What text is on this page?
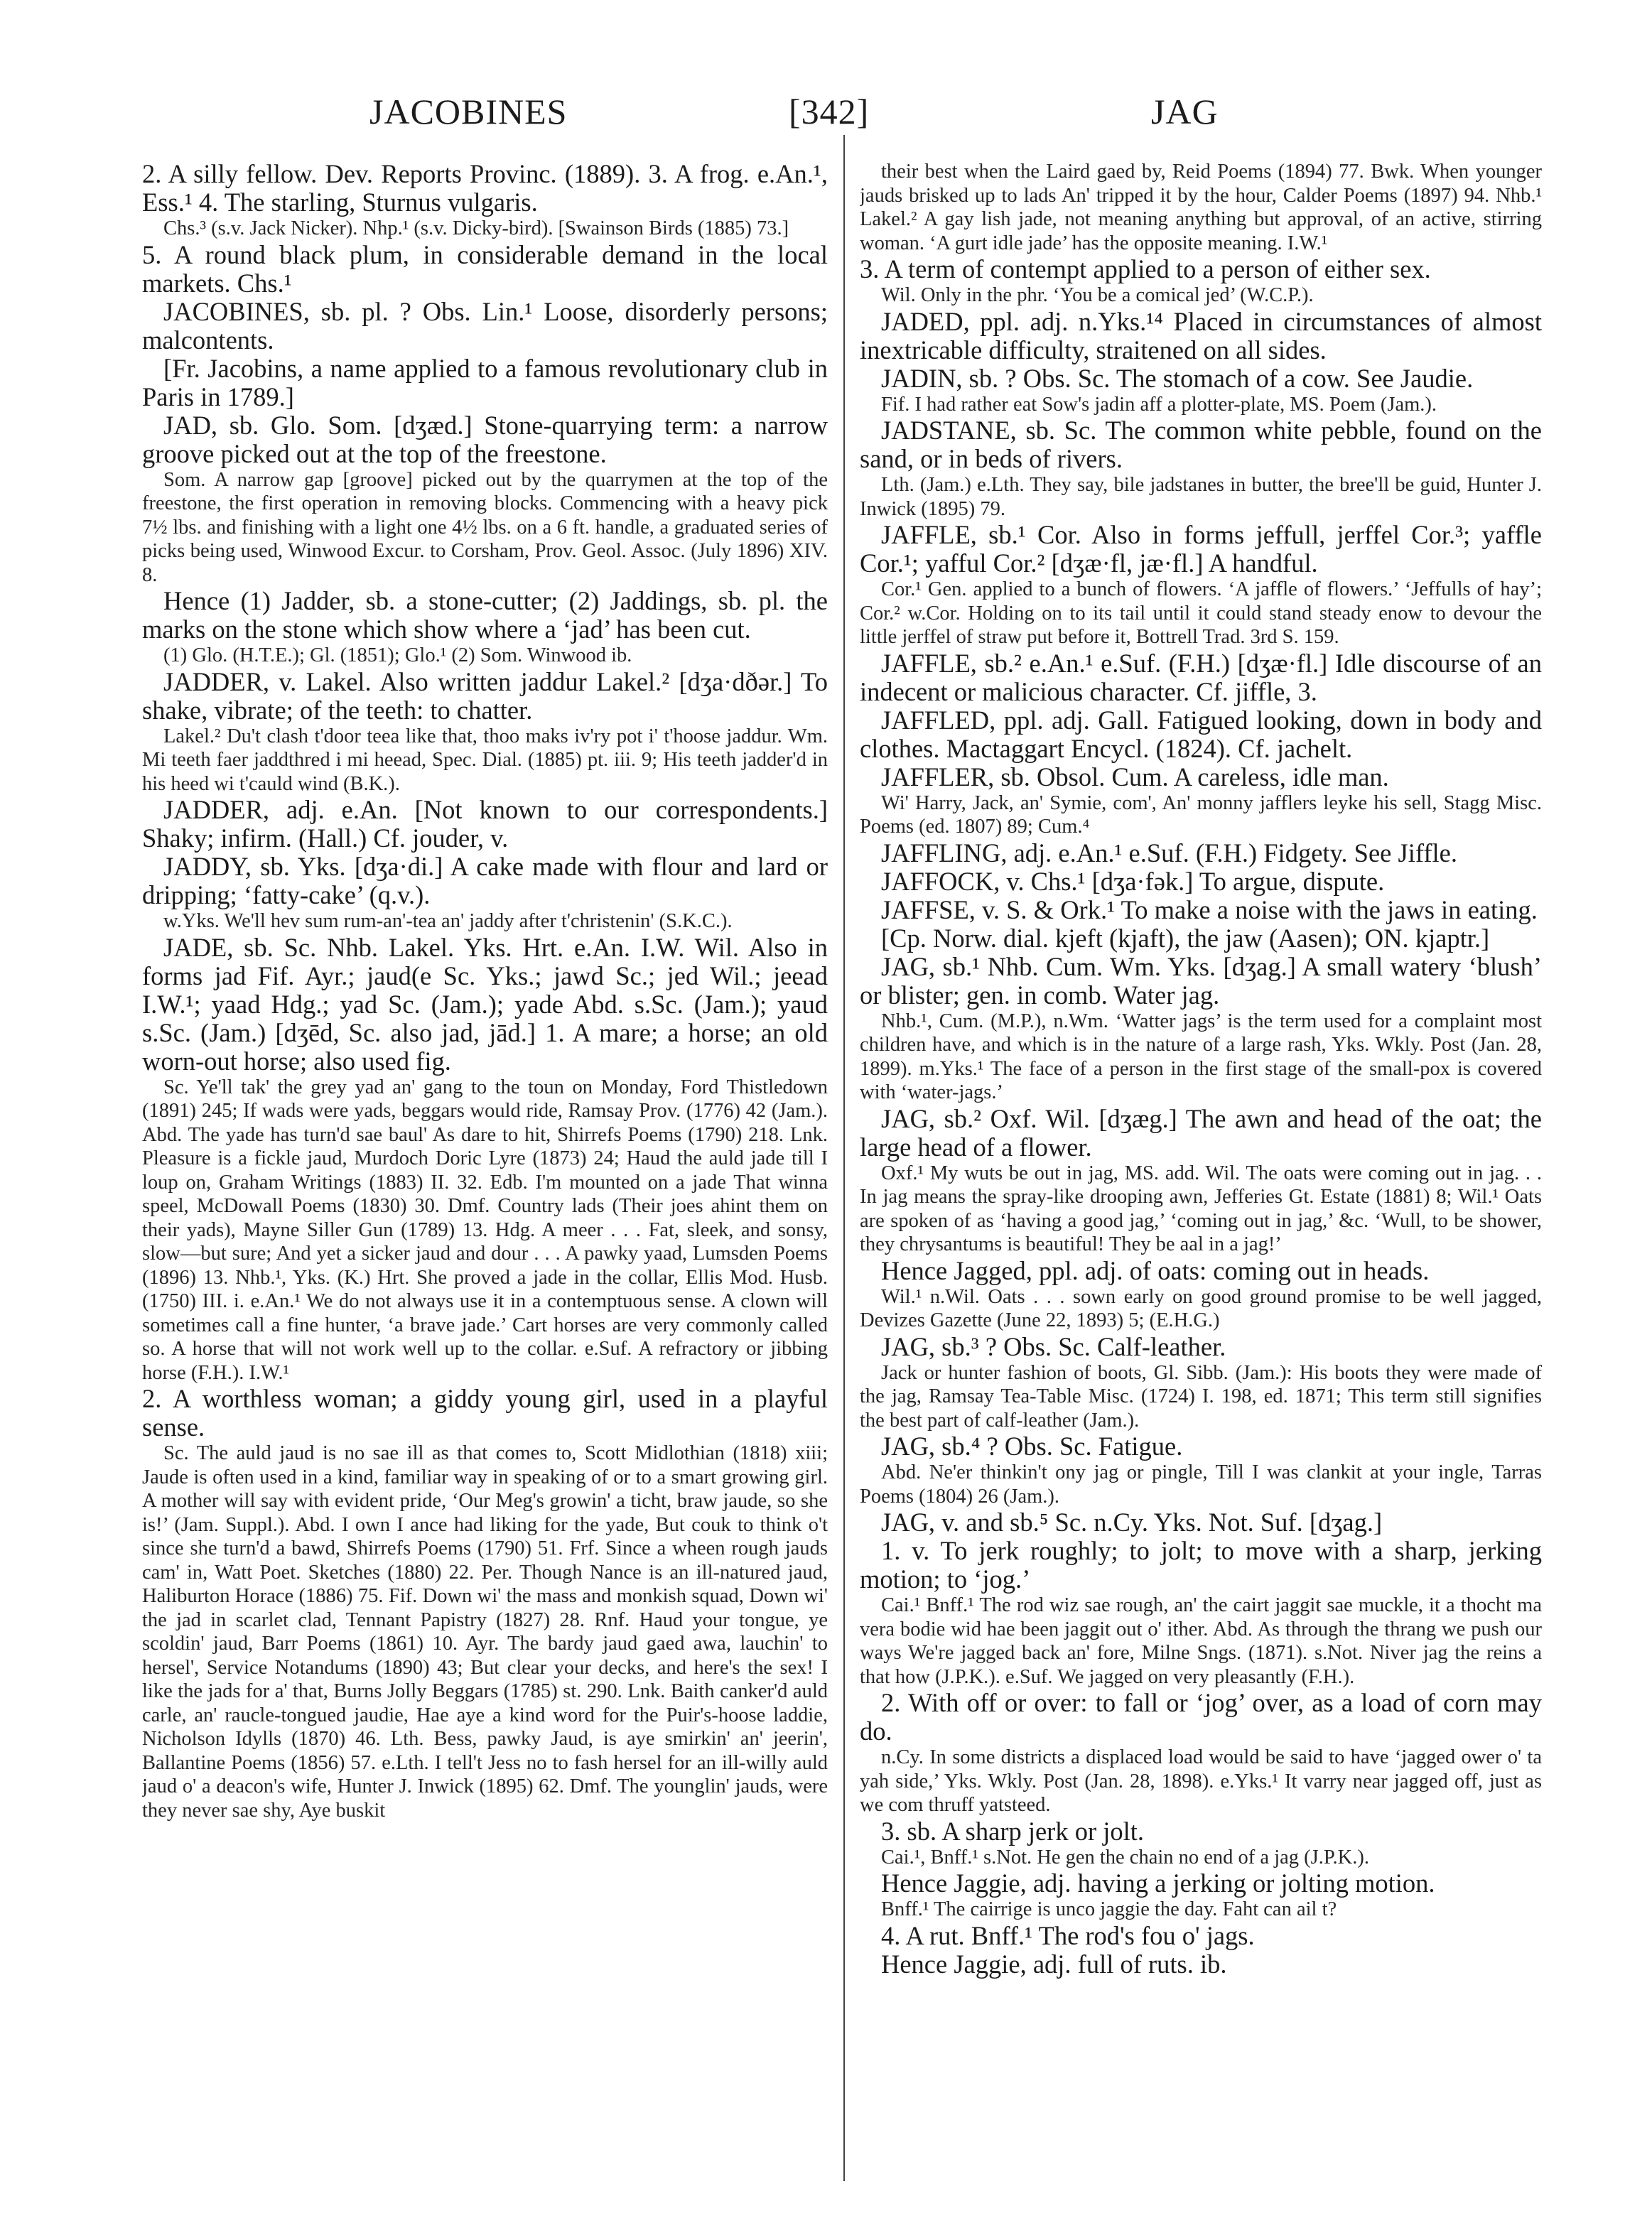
JACOBINES	[342]	JAG

2. A silly fellow. Dev. Reports Provinc. (1889). 3. A frog. e.An.¹, Ess.¹ 4. The starling, Sturnus vulgaris.

Chs.³ (s.v. Jack Nicker). Nhp.¹ (s.v. Dicky-bird). [Swainson Birds (1885) 73.]

5. A round black plum, in considerable demand in the local markets. Chs.¹

JACOBINES, sb. pl. ? Obs. Lin.¹ Loose, disorderly persons; malcontents.

[Fr. Jacobins, a name applied to a famous revolutionary club in Paris in 1789.]

JAD, sb. Glo. Som. [dʒæd.] Stone-quarrying term: a narrow groove picked out at the top of the freestone.

Som. A narrow gap [groove] picked out by the quarrymen at the top of the freestone, the first operation in removing blocks. Commencing with a heavy pick 7½ lbs. and finishing with a light one 4½ lbs. on a 6 ft. handle, a graduated series of picks being used, Winwood Excur. to Corsham, Prov. Geol. Assoc. (July 1896) XIV. 8.

Hence (1) Jadder, sb. a stone-cutter; (2) Jaddings, sb. pl. the marks on the stone which show where a ‘jad’ has been cut.

(1) Glo. (H.T.E.); Gl. (1851); Glo.¹ (2) Som. Winwood ib.

JADDER, v. Lakel. Also written jaddur Lakel.² [dʒa·dðər.] To shake, vibrate; of the teeth: to chatter.

Lakel.² Du't clash t'door teea like that, thoo maks iv'ry pot i' t'hoose jaddur. Wm. Mi teeth faer jaddthred i mi heead, Spec. Dial. (1885) pt. iii. 9; His teeth jadder'd in his heed wi t'cauld wind (B.K.).

JADDER, adj. e.An. [Not known to our correspondents.] Shaky; infirm. (Hall.) Cf. jouder, v.

JADDY, sb. Yks. [dʒa·di.] A cake made with flour and lard or dripping; ‘fatty-cake’ (q.v.).

w.Yks. We'll hev sum rum-an'-tea an' jaddy after t'christenin' (S.K.C.).

JADE, sb. Sc. Nhb. Lakel. Yks. Hrt. e.An. I.W. Wil. Also in forms jad Fif. Ayr.; jaud(e Sc. Yks.; jawd Sc.; jed Wil.; jeead I.W.¹; yaad Hdg.; yad Sc. (Jam.); yade Abd. s.Sc. (Jam.); yaud s.Sc. (Jam.) [dʒēd, Sc. also jad, jād.] 1. A mare; a horse; an old worn-out horse; also used fig.

Sc. Ye'll tak' the grey yad an' gang to the toun on Monday, Ford Thistledown (1891) 245; If wads were yads, beggars would ride, Ramsay Prov. (1776) 42 (Jam.). Abd. The yade has turn'd sae baul' As dare to hit, Shirrefs Poems (1790) 218. Lnk. Pleasure is a fickle jaud, Murdoch Doric Lyre (1873) 24; Haud the auld jade till I loup on, Graham Writings (1883) II. 32. Edb. I'm mounted on a jade That winna speel, McDowall Poems (1830) 30. Dmf. Country lads (Their joes ahint them on their yads), Mayne Siller Gun (1789) 13. Hdg. A meer . . . Fat, sleek, and sonsy, slow—but sure; And yet a sicker jaud and dour . . . A pawky yaad, Lumsden Poems (1896) 13. Nhb.¹, Yks. (K.) Hrt. She proved a jade in the collar, Ellis Mod. Husb. (1750) III. i. e.An.¹ We do not always use it in a contemptuous sense. A clown will sometimes call a fine hunter, ‘a brave jade.’ Cart horses are very commonly called so. A horse that will not work well up to the collar. e.Suf. A refractory or jibbing horse (F.H.). I.W.¹

2. A worthless woman; a giddy young girl, used in a playful sense.

Sc. The auld jaud is no sae ill as that comes to, Scott Midlothian (1818) xiii; Jaude is often used in a kind, familiar way in speaking of or to a smart growing girl. A mother will say with evident pride, ‘Our Meg's growin' a ticht, braw jaude, so she is!’ (Jam. Suppl.). Abd. I own I ance had liking for the yade, But couk to think o't since she turn'd a bawd, Shirrefs Poems (1790) 51. Frf. Since a wheen rough jauds cam' in, Watt Poet. Sketches (1880) 22. Per. Though Nance is an ill-natured jaud, Haliburton Horace (1886) 75. Fif. Down wi' the mass and monkish squad, Down wi' the jad in scarlet clad, Tennant Papistry (1827) 28. Rnf. Haud your tongue, ye scoldin' jaud, Barr Poems (1861) 10. Ayr. The bardy jaud gaed awa, lauchin' to hersel', Service Notandums (1890) 43; But clear your decks, and here's the sex! I like the jads for a' that, Burns Jolly Beggars (1785) st. 290. Lnk. Baith canker'd auld carle, an' raucle-tongued jaudie, Hae aye a kind word for the Puir's-hoose laddie, Nicholson Idylls (1870) 46. Lth. Bess, pawky Jaud, is aye smirkin' an' jeerin', Ballantine Poems (1856) 57. e.Lth. I tell't Jess no to fash hersel for an ill-willy auld jaud o' a deacon's wife, Hunter J. Inwick (1895) 62. Dmf. The younglin' jauds, were they never sae shy, Aye buskit

their best when the Laird gaed by, Reid Poems (1894) 77. Bwk. When younger jauds brisked up to lads An' tripped it by the hour, Calder Poems (1897) 94. Nhb.¹ Lakel.² A gay lish jade, not meaning anything but approval, of an active, stirring woman. ‘A gurt idle jade’ has the opposite meaning. I.W.¹

3. A term of contempt applied to a person of either sex.

Wil. Only in the phr. ‘You be a comical jed’ (W.C.P.).

JADED, ppl. adj. n.Yks.¹⁴ Placed in circumstances of almost inextricable difficulty, straitened on all sides.

JADIN, sb. ? Obs. Sc. The stomach of a cow. See Jaudie.

Fif. I had rather eat Sow's jadin aff a plotter-plate, MS. Poem (Jam.).

JADSTANE, sb. Sc. The common white pebble, found on the sand, or in beds of rivers.

Lth. (Jam.) e.Lth. They say, bile jadstanes in butter, the bree'll be guid, Hunter J. Inwick (1895) 79.

JAFFLE, sb.¹ Cor. Also in forms jeffull, jerffel Cor.³; yaffle Cor.¹; yafful Cor.² [dʒæ·fl, jæ·fl.] A handful.

Cor.¹ Gen. applied to a bunch of flowers. ‘A jaffle of flowers.’ ‘Jeffulls of hay’; Cor.² w.Cor. Holding on to its tail until it could stand steady enow to devour the little jerffel of straw put before it, Bottrell Trad. 3rd S. 159.

JAFFLE, sb.² e.An.¹ e.Suf. (F.H.) [dʒæ·fl.] Idle discourse of an indecent or malicious character. Cf. jiffle, 3.

JAFFLED, ppl. adj. Gall. Fatigued looking, down in body and clothes. Mactaggart Encycl. (1824). Cf. jachelt.

JAFFLER, sb. Obsol. Cum. A careless, idle man.

Wi' Harry, Jack, an' Symie, com', An' monny jafflers leyke his sell, Stagg Misc. Poems (ed. 1807) 89; Cum.⁴

JAFFLING, adj. e.An.¹ e.Suf. (F.H.) Fidgety. See Jiffle.

JAFFOCK, v. Chs.¹ [dʒa·fək.] To argue, dispute.

JAFFSE, v. S. & Ork.¹ To make a noise with the jaws in eating.

[Cp. Norw. dial. kjeft (kjaft), the jaw (Aasen); ON. kjaptr.]

JAG, sb.¹ Nhb. Cum. Wm. Yks. [dʒag.] A small watery ‘blush’ or blister; gen. in comb. Water jag.

Nhb.¹, Cum. (M.P.), n.Wm. ‘Watter jags’ is the term used for a complaint most children have, and which is in the nature of a large rash, Yks. Wkly. Post (Jan. 28, 1899). m.Yks.¹ The face of a person in the first stage of the small-pox is covered with ‘water-jags.’

JAG, sb.² Oxf. Wil. [dʒæg.] The awn and head of the oat; the large head of a flower.

Oxf.¹ My wuts be out in jag, MS. add. Wil. The oats were coming out in jag. . . In jag means the spray-like drooping awn, Jefferies Gt. Estate (1881) 8; Wil.¹ Oats are spoken of as ‘having a good jag,’ ‘coming out in jag,’ &c. ‘Wull, to be shower, they chrysantums is beautiful! They be aal in a jag!’

Hence Jagged, ppl. adj. of oats: coming out in heads.

Wil.¹ n.Wil. Oats . . . sown early on good ground promise to be well jagged, Devizes Gazette (June 22, 1893) 5; (E.H.G.)

JAG, sb.³ ? Obs. Sc. Calf-leather.

Jack or hunter fashion of boots, Gl. Sibb. (Jam.): His boots they were made of the jag, Ramsay Tea-Table Misc. (1724) I. 198, ed. 1871; This term still signifies the best part of calf-leather (Jam.).

JAG, sb.⁴ ? Obs. Sc. Fatigue.

Abd. Ne'er thinkin't ony jag or pingle, Till I was clankit at your ingle, Tarras Poems (1804) 26 (Jam.).

JAG, v. and sb.⁵ Sc. n.Cy. Yks. Not. Suf. [dʒag.]

1. v. To jerk roughly; to jolt; to move with a sharp, jerking motion; to ‘jog.’

Cai.¹ Bnff.¹ The rod wiz sae rough, an' the cairt jaggit sae muckle, it a thocht ma vera bodie wid hae been jaggit out o' ither. Abd. As through the thrang we push our ways We're jagged back an' fore, Milne Sngs. (1871). s.Not. Niver jag the reins a that how (J.P.K.). e.Suf. We jagged on very pleasantly (F.H.).

2. With off or over: to fall or ‘jog’ over, as a load of corn may do.

n.Cy. In some districts a displaced load would be said to have ‘jagged ower o' ta yah side,’ Yks. Wkly. Post (Jan. 28, 1898). e.Yks.¹ It varry near jagged off, just as we com thruff yatsteed.

3. sb. A sharp jerk or jolt.

Cai.¹, Bnff.¹ s.Not. He gen the chain no end of a jag (J.P.K.).

Hence Jaggie, adj. having a jerking or jolting motion.

Bnff.¹ The cairrige is unco jaggie the day. Faht can ail t?

4. A rut. Bnff.¹ The rod's fou o' jags.

Hence Jaggie, adj. full of ruts. ib.
